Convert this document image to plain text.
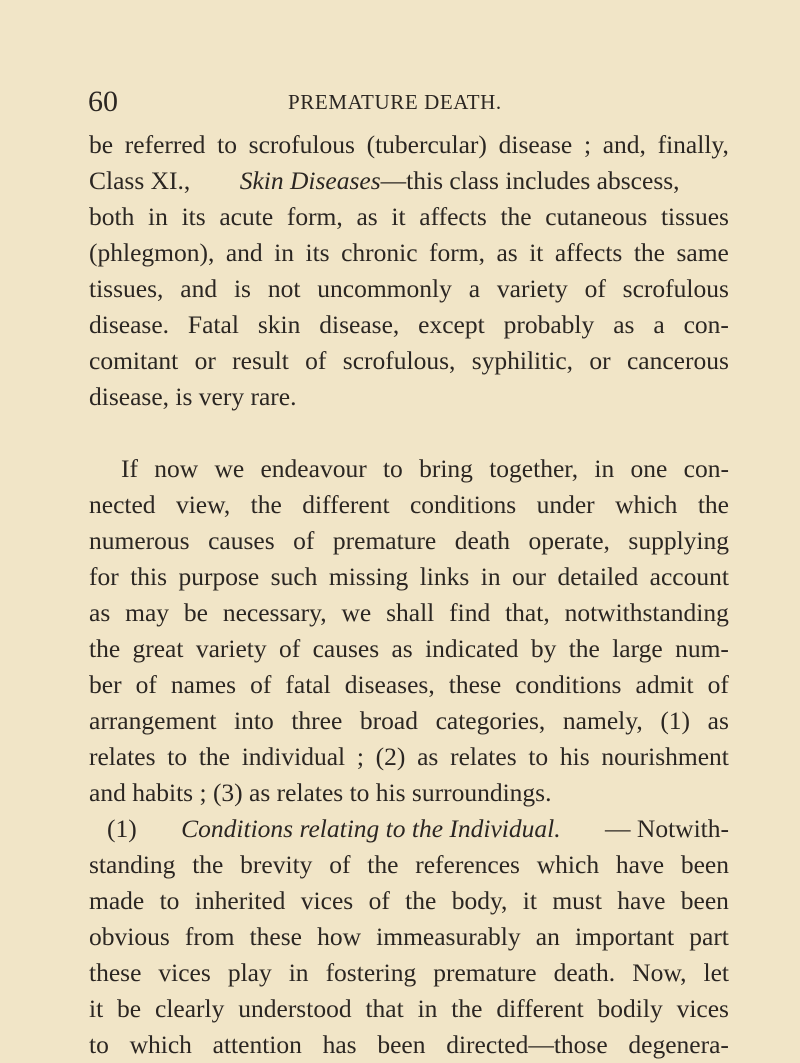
60	PREMATURE DEATH.
be referred to scrofulous (tubercular) disease ; and, finally,
Class XI., Skin Diseases—this class includes abscess,
both in its acute form, as it affects the cutaneous tissues
(phlegmon), and in its chronic form, as it affects the same
tissues, and is not uncommonly a variety of scrofulous
disease. Fatal skin disease, except probably as a con-
comitant or result of scrofulous, syphilitic, or cancerous
disease, is very rare.
If now we endeavour to bring together, in one con-
nected view, the different conditions under which the
numerous causes of premature death operate, supplying
for this purpose such missing links in our detailed account
as may be necessary, we shall find that, notwithstanding
the great variety of causes as indicated by the large num-
ber of names of fatal diseases, these conditions admit of
arrangement into three broad categories, namely, (1) as
relates to the individual ; (2) as relates to his nourishment
and habits ; (3) as relates to his surroundings.
(1) Conditions relating to the Individual. — Notwith-
standing the brevity of the references which have been
made to inherited vices of the body, it must have been
obvious from these how immeasurably an important part
these vices play in fostering premature death. Now, let
it be clearly understood that in the different bodily vices
to which attention has been directed—those degenera-
